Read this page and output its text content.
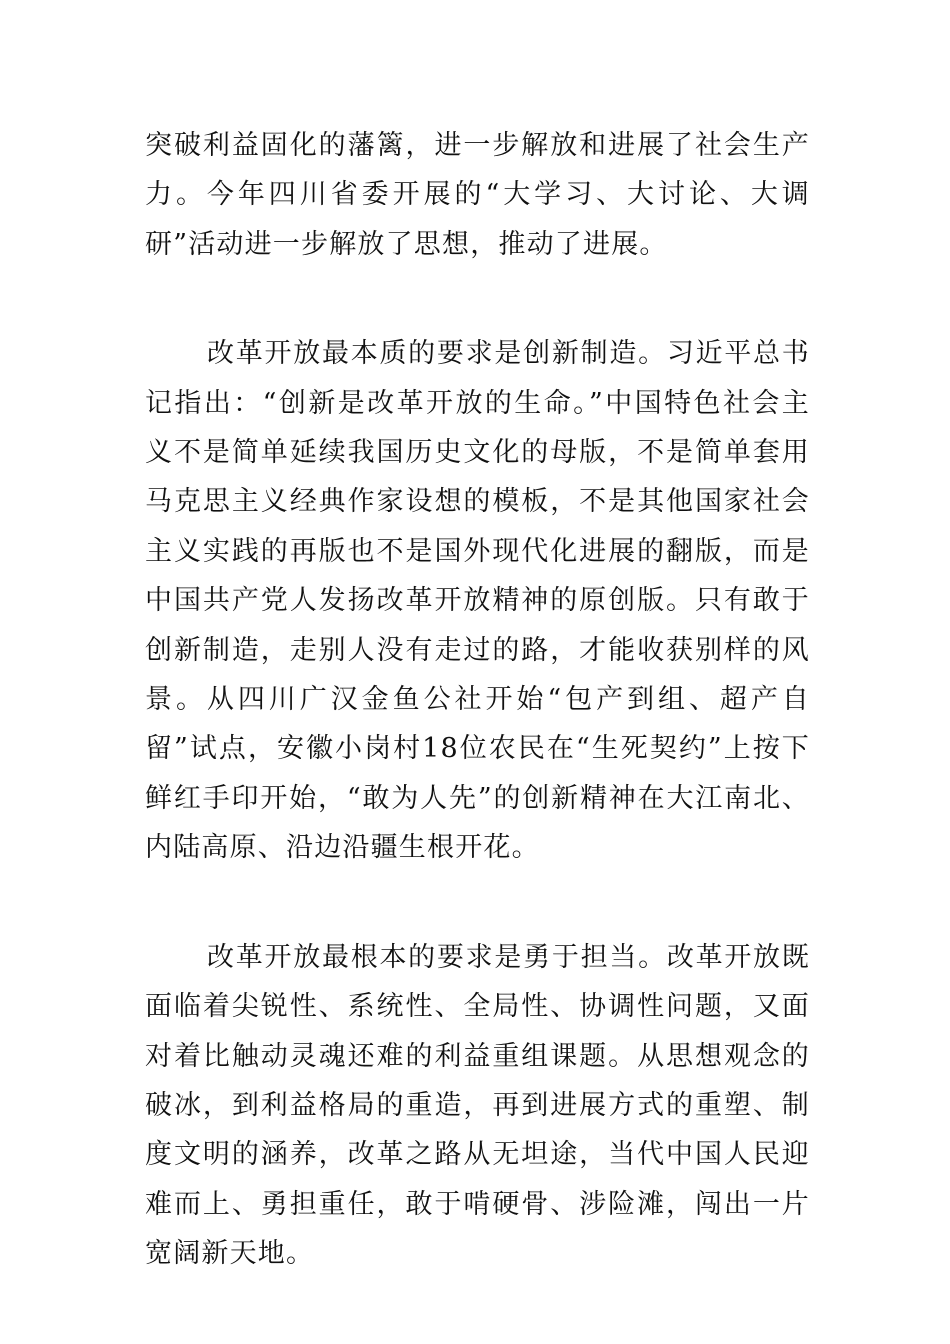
突破利益固化的藩篱，进一步解放和进展了社会生产力。今年四川省委开展的“大学习、大讨论、大调研”活动进一步解放了思想，推动了进展。

改革开放最本质的要求是创新制造。习近平总书记指出：“创新是改革开放的生命。”中国特色社会主义不是简单延续我国历史文化的母版，不是简单套用马克思主义经典作家设想的模板，不是其他国家社会主义实践的再版也不是国外现代化进展的翻版，而是中国共产党人发扬改革开放精神的原创版。只有敢于创新制造，走别人没有走过的路，才能收获别样的风景。从四川广汉金鱼公社开始“包产到组、超产自留”试点，安徽小岗村18位农民在“生死契约”上按下鲜红手印开始，“敢为人先”的创新精神在大江南北、内陆高原、沿边沿疆生根开花。

改革开放最根本的要求是勇于担当。改革开放既面临着尖锐性、系统性、全局性、协调性问题，又面对着比触动灵魂还难的利益重组课题。从思想观念的破冰，到利益格局的重造，再到进展方式的重塑、制度文明的涵养，改革之路从无坦途，当代中国人民迎难而上、勇担重任，敢于啃硬骨、涉险滩，闯出一片宽阔新天地。
